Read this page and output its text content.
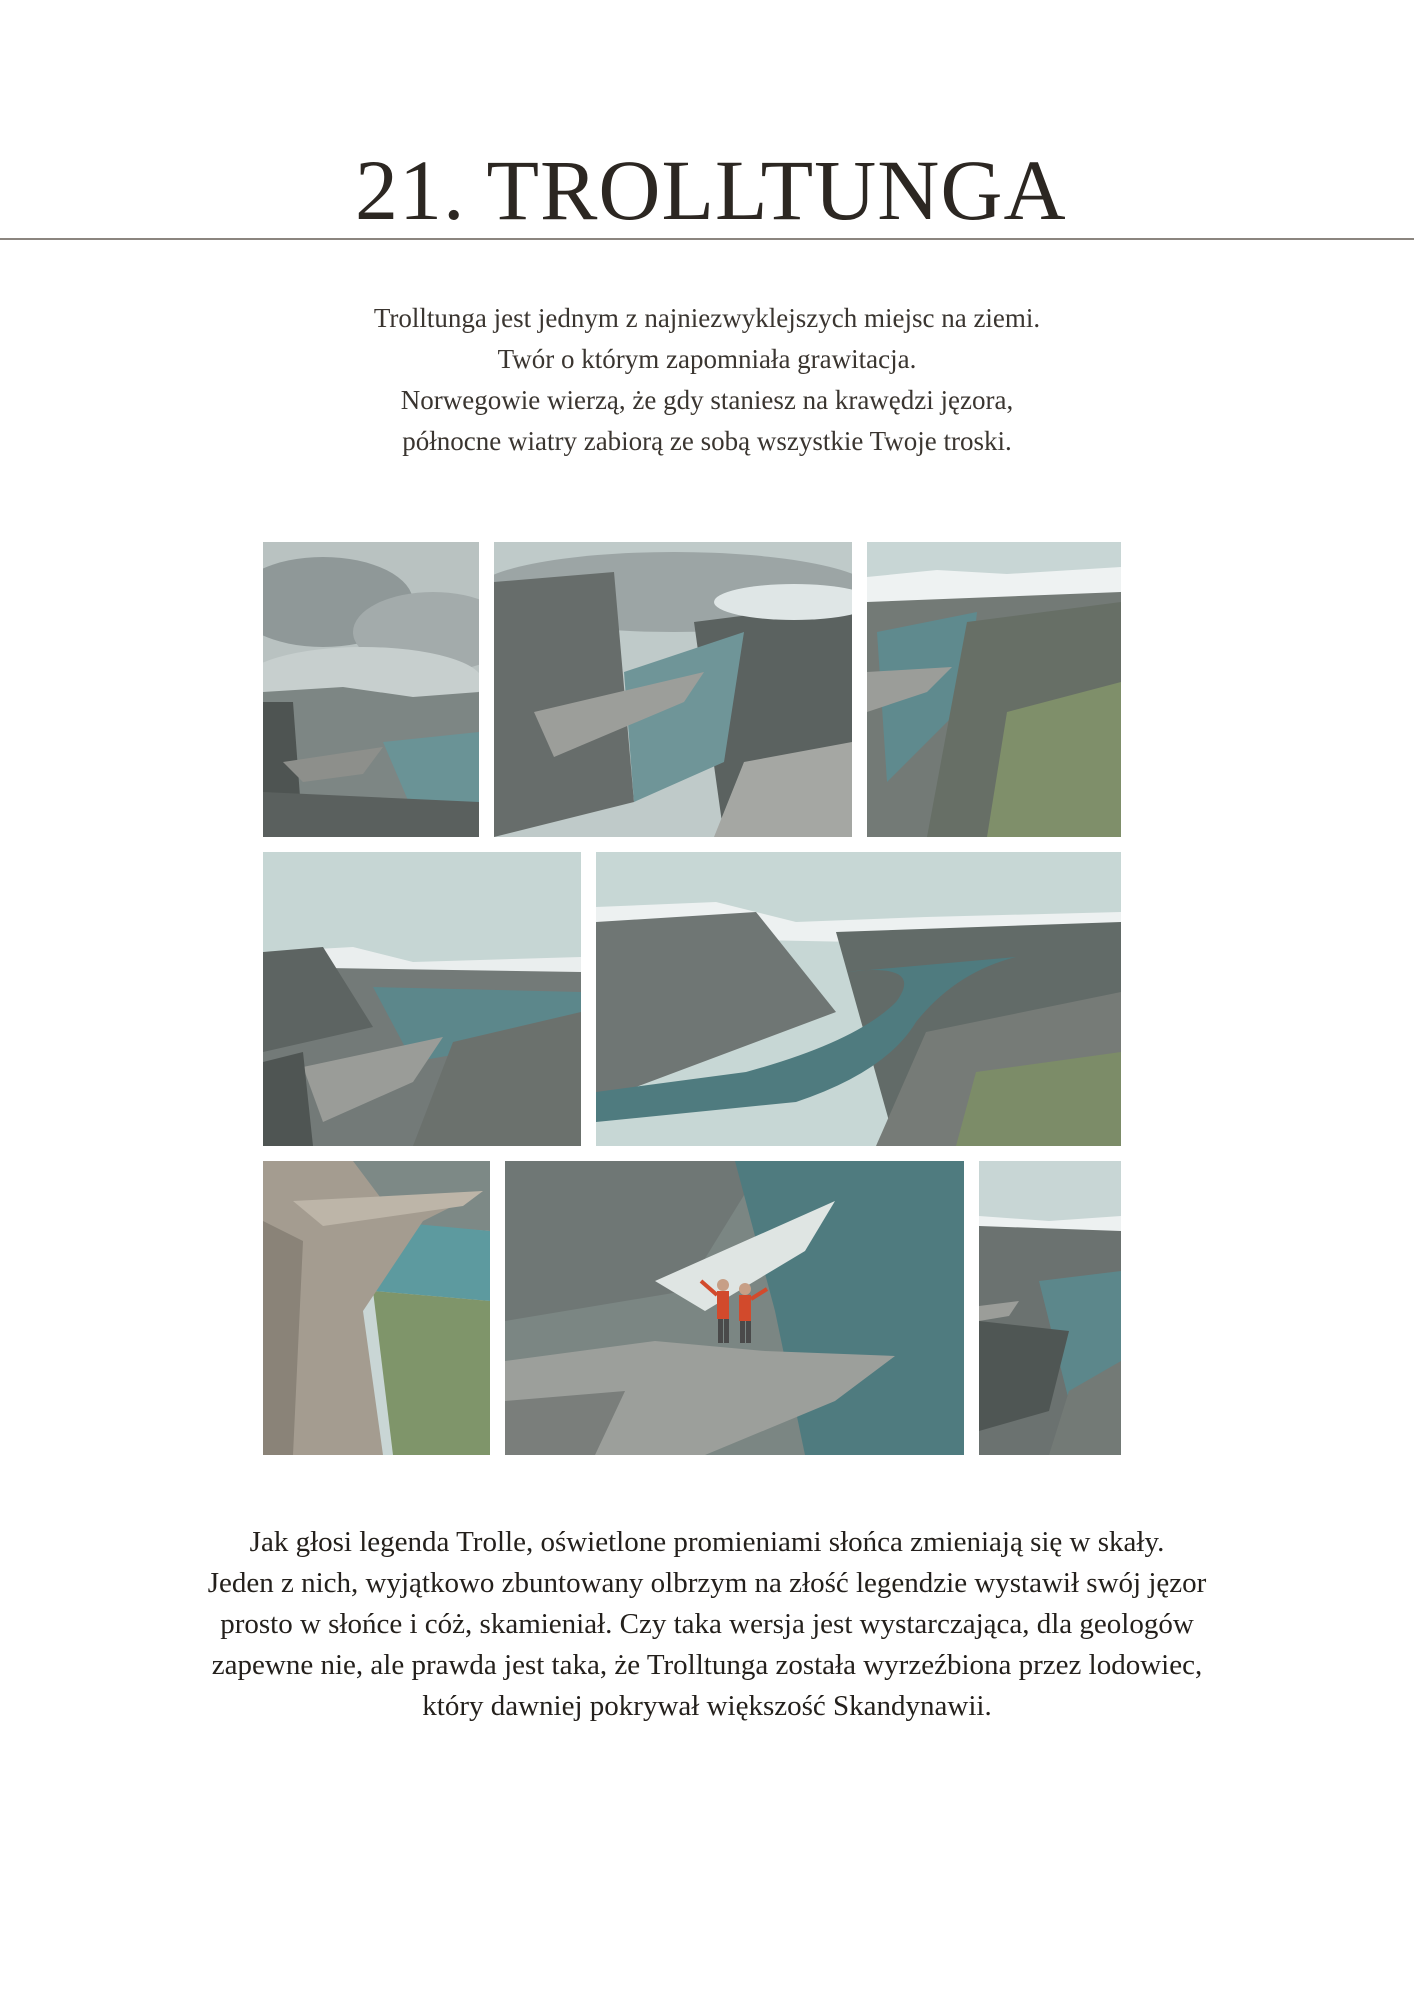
21. TROLLTUNGA
Trolltunga jest jednym z najniezwyklejszych miejsc na ziemi.
Twór o którym zapomniała grawitacja.
Norwegowie wierzą, że gdy staniesz na krawędzi jęzora,
północne wiatry zabiorą ze sobą wszystkie Twoje troski.
Jak głosi legenda Trolle, oświetlone promieniami słońca zmieniają się w skały.
Jeden z nich, wyjątkowo zbuntowany olbrzym na złość legendzie wystawił swój jęzor
prosto w słońce i cóż, skamieniał. Czy taka wersja jest wystarczająca, dla geologów
zapewne nie, ale prawda jest taka, że Trolltunga została wyrzeźbiona przez lodowiec,
który dawniej pokrywał większość Skandynawii.
